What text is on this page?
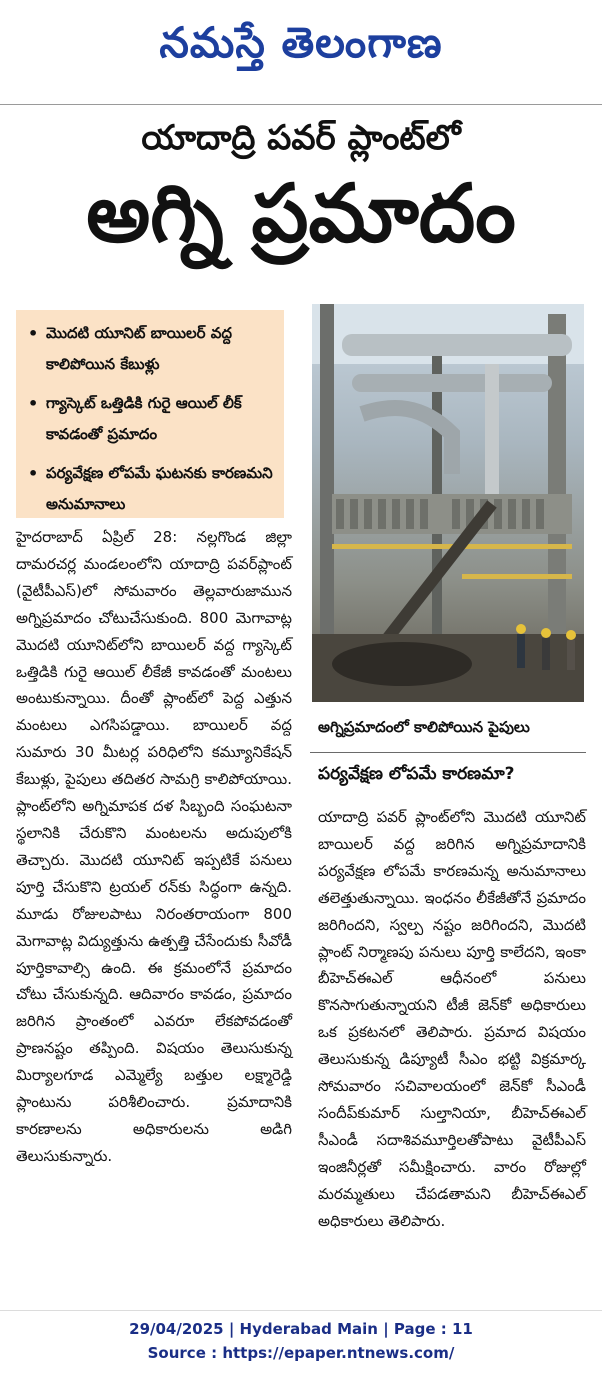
నమస్తే తెలంగాణ
యాదాద్రి పవర్ ప్లాంట్‌లో
అగ్ని ప్రమాదం
• మొదటి యూనిట్ బాయిలర్ వద్ద కాలిపోయిన కేబుళ్లు
• గ్యాస్కెట్ ఒత్తిడికి గురై ఆయిల్ లీక్ కావడంతో ప్రమాదం
• పర్యవేక్షణ లోపమే ఘటనకు కారణమని అనుమానాలు
అగ్నిప్రమాదంలో కాలిపోయిన పైపులు

హైదరాబాద్ ఏప్రిల్ 28: నల్లగొండ జిల్లా దామరచర్ల మండలంలోని యాదాద్రి పవర్‌ప్లాంట్ (వైటీపీఎస్)లో సోమవారం తెల్లవారుజామున అగ్నిప్రమాదం చోటుచేసుకుంది. 800 మెగావాట్ల మొదటి యూనిట్‌లోని బాయిలర్ వద్ద గ్యాస్కెట్ ఒత్తిడికి గురై ఆయిల్ లీకేజీ కావడంతో మంటలు అంటుకున్నాయి. దీంతో ప్లాంట్‌లో పెద్ద ఎత్తున మంటలు ఎగసిపడ్డాయి. బాయిలర్ వద్ద సుమారు 30 మీటర్ల పరిధిలోని కమ్యూనికేషన్ కేబుళ్లు, పైపులు తదితర సామగ్రి కాలిపోయాయి. ప్లాంట్‌లోని అగ్నిమాపక దళ సిబ్బంది సంఘటనా స్థలానికి చేరుకొని మంటలను అదుపులోకి తెచ్చారు. మొదటి యూనిట్ ఇప్పటికే పనులు పూర్తి చేసుకొని ట్రయల్ రన్‌కు సిద్ధంగా ఉన్నది. మూడు రోజులపాటు నిరంతరాయంగా 800 మెగావాట్ల విద్యుత్తును ఉత్పత్తి చేసేందుకు సీవోడీ పూర్తికావాల్సి ఉంది. ఈ క్రమంలోనే ప్రమాదం చోటు చేసుకున్నది. ఆదివారం కావడం, ప్రమాదం జరిగిన ప్రాంతంలో ఎవరూ లేకపోవడంతో ప్రాణనష్టం తప్పింది. విషయం తెలుసుకున్న మిర్యాలగూడ ఎమ్మెల్యే బత్తుల లక్ష్మారెడ్డి ప్లాంటును పరిశీలించారు. ప్రమాదానికి కారణాలను అధికారులను అడిగి తెలుసుకున్నారు.

పర్యవేక్షణ లోపమే కారణమా?

యాదాద్రి పవర్ ప్లాంట్‌లోని మొదటి యూనిట్ బాయిలర్ వద్ద జరిగిన అగ్నిప్రమాదానికి పర్యవేక్షణ లోపమే కారణమన్న అనుమానాలు తలెత్తుతున్నాయి. ఇంధనం లీకేజీతోనే ప్రమాదం జరిగిందని, స్వల్ప నష్టం జరిగిందని, మొదటి ప్లాంట్ నిర్మాణపు పనులు పూర్తి కాలేదని, ఇంకా బీహెచ్‌ఈఎల్ ఆధీనంలో పనులు కొనసాగుతున్నాయని టీజీ జెన్‌కో అధికారులు ఒక ప్రకటనలో తెలిపారు. ప్రమాద విషయం తెలుసుకున్న డిప్యూటీ సీఎం భట్టి విక్రమార్క సోమవారం సచివాలయంలో జెన్‌కో సీఎండీ సందీప్‌కుమార్ సుల్తానియా, బీహెచ్‌ఈఎల్ సీఎండీ సదాశివమూర్తిలతోపాటు వైటీపీఎస్ ఇంజినీర్లతో సమీక్షించారు. వారం రోజుల్లో మరమ్మతులు చేపడతామని బీహెచ్‌ఈఎల్ అధికారులు తెలిపారు.

29/04/2025 | Hyderabad Main | Page : 11
Source : https://epaper.ntnews.com/
